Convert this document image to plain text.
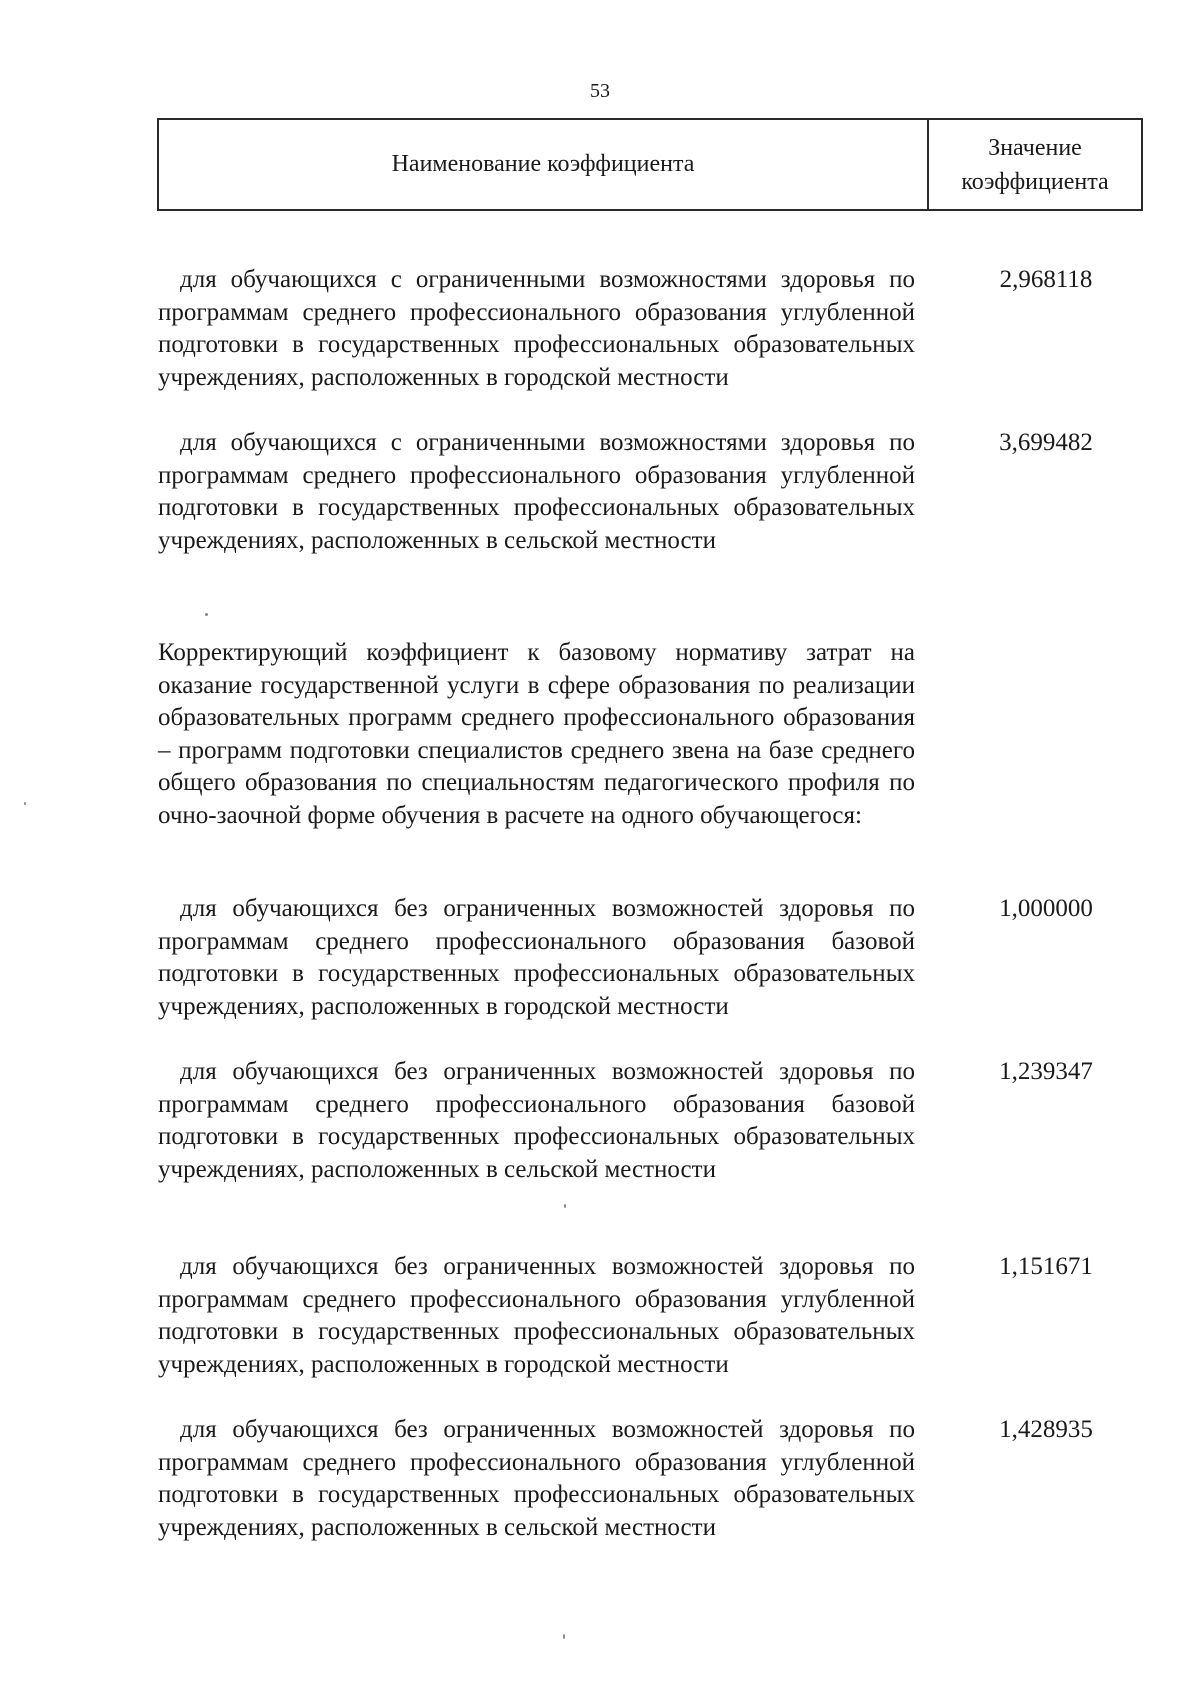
53
Наименование коэффициента
Значение коэффициента
для обучающихся с ограниченными возможностями здоровья по программам среднего профессионального образования углубленной подготовки в государственных профессиональных образовательных учреждениях, расположенных в городской местности
2,968118
для обучающихся с ограниченными возможностями здоровья по программам среднего профессионального образования углубленной подготовки в государственных профессиональных образовательных учреждениях, расположенных в сельской местности
3,699482
Корректирующий коэффициент к базовому нормативу затрат на оказание государственной услуги в сфере образования по реализации образовательных программ среднего профессионального образования – программ подготовки специалистов среднего звена на базе среднего общего образования по специальностям педагогического профиля по очно-заочной форме обучения в расчете на одного обучающегося:
для обучающихся без ограниченных возможностей здоровья по программам среднего профессионального образования базовой подготовки в государственных профессиональных образовательных учреждениях, расположенных в городской местности
1,000000
для обучающихся без ограниченных возможностей здоровья по программам среднего профессионального образования базовой подготовки в государственных профессиональных образовательных учреждениях, расположенных в сельской местности
1,239347
для обучающихся без ограниченных возможностей здоровья по программам среднего профессионального образования углубленной подготовки в государственных профессиональных образовательных учреждениях, расположенных в городской местности
1,151671
для обучающихся без ограниченных возможностей здоровья по программам среднего профессионального образования углубленной подготовки в государственных профессиональных образовательных учреждениях, расположенных в сельской местности
1,428935
